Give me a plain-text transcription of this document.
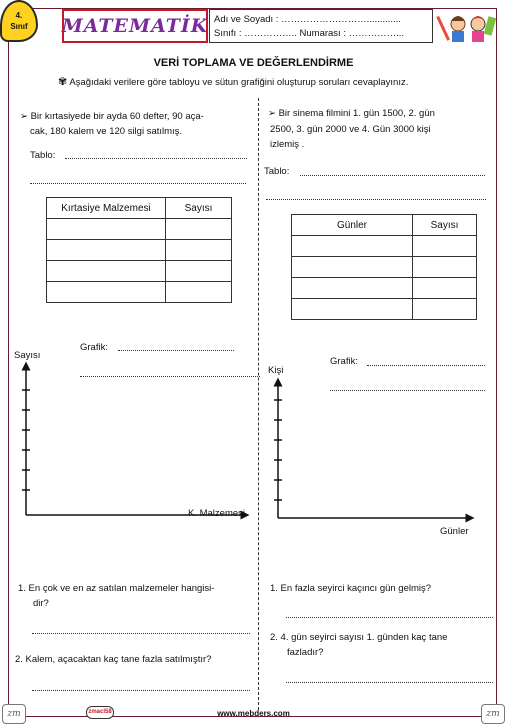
4.
Sınıf	MATEMATİK Adı ve Soyadı : ……………………….............
Sınıfı : …………….. Numarası : ……………...
VERİ TOPLAMA VE DEĞERLENDİRME
✾ Aşağıdaki verilere göre tabloyu ve sütun grafiğini oluşturup soruları cevaplayınız.
➢ Bir kırtasiyede bir ayda 60 defter, 90 aça-
cak, 180 kalem ve 120 silgi satılmış.
Tablo:
Kırtasiye Malzemesi	Sayısı

Grafik:
Sayısı
K. Malzemesi
1. En çok ve en az satılan malzemeler hangisi-
dir?
2. Kalem, açacaktan kaç tane fazla satılmıştır?
➢ Bir sinema filmini 1. gün 1500, 2. gün
2500, 3. gün 2000 ve 4. Gün 3000 kişi
izlemiş .
Tablo:
Günler	Sayısı

Grafik:
Kişi
Günler
1. En fazla seyirci kaçıncı gün gelmiş?
2. 4. gün seyirci sayısı 1. günden kaç tane
fazladır?
zm	zm
zmaci58	www.mebders.com
